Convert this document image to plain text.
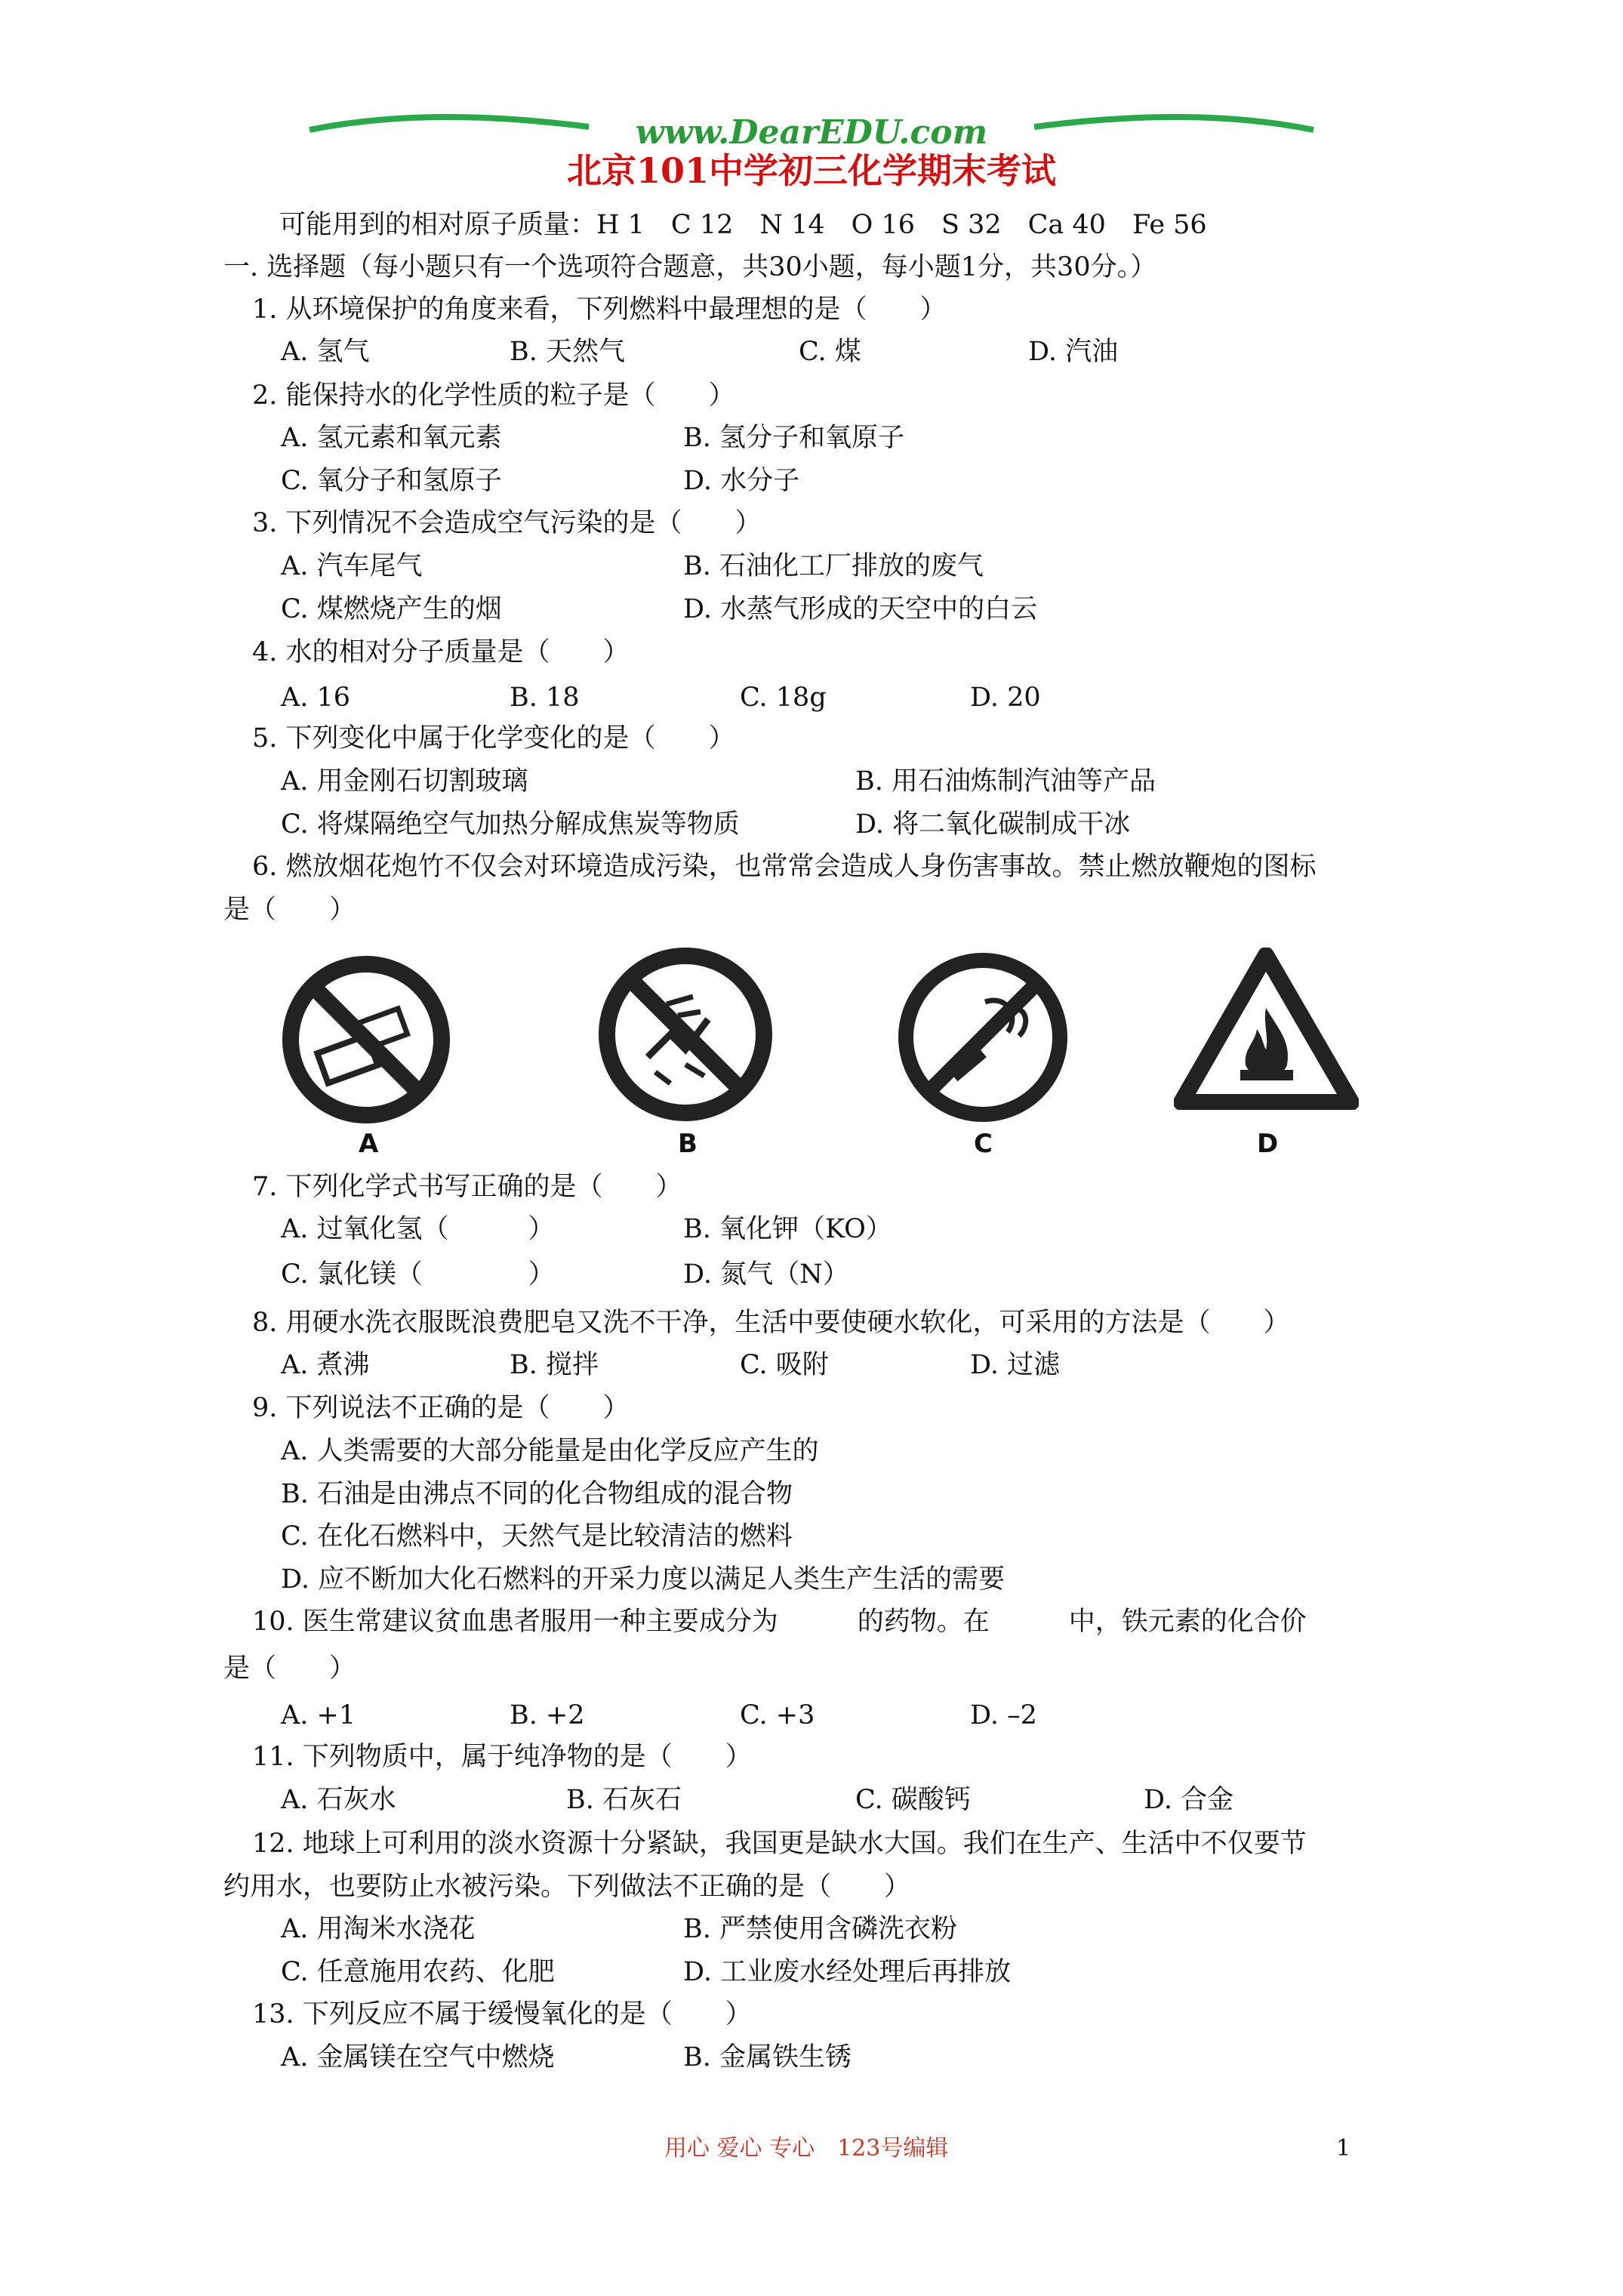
www.DearEDU.com
北京101中学初三化学期末考试
可能用到的相对原子质量：H 1　C 12　N 14　O 16　S 32　Ca 40　Fe 56
一. 选择题（每小题只有一个选项符合题意，共30小题，每小题1分，共30分。）
1. 从环境保护的角度来看，下列燃料中最理想的是（　　）
A. 氢气	B. 天然气	C. 煤	D. 汽油
2. 能保持水的化学性质的粒子是（　　）
A. 氢元素和氧元素	B. 氢分子和氧原子
C. 氧分子和氢原子	D. 水分子
3. 下列情况不会造成空气污染的是（　　）
A. 汽车尾气	B. 石油化工厂排放的废气
C. 煤燃烧产生的烟	D. 水蒸气形成的天空中的白云
4. 水的相对分子质量是（　　）
A. 16	B. 18	C. 18g	D. 20
5. 下列变化中属于化学变化的是（　　）
A. 用金刚石切割玻璃	B. 用石油炼制汽油等产品
C. 将煤隔绝空气加热分解成焦炭等物质	D. 将二氧化碳制成干冰
6. 燃放烟花炮竹不仅会对环境造成污染，也常常会造成人身伤害事故。禁止燃放鞭炮的图标
是（　　）
A	B	C	D
7. 下列化学式书写正确的是（　　）
A. 过氧化氢（　　　）	B. 氧化钾（KO）
C. 氯化镁（　　　　）	D. 氮气（N）
8. 用硬水洗衣服既浪费肥皂又洗不干净，生活中要使硬水软化，可采用的方法是（　　）
A. 煮沸	B. 搅拌	C. 吸附	D. 过滤
9. 下列说法不正确的是（　　）
A. 人类需要的大部分能量是由化学反应产生的
B. 石油是由沸点不同的化合物组成的混合物
C. 在化石燃料中，天然气是比较清洁的燃料
D. 应不断加大化石燃料的开采力度以满足人类生产生活的需要
10. 医生常建议贫血患者服用一种主要成分为　　　的药物。在　　　中，铁元素的化合价
是（　　）
A. +1	B. +2	C. +3	D. –2
11. 下列物质中，属于纯净物的是（　　）
A. 石灰水	B. 石灰石	C. 碳酸钙	D. 合金
12. 地球上可利用的淡水资源十分紧缺，我国更是缺水大国。我们在生产、生活中不仅要节
约用水，也要防止水被污染。下列做法不正确的是（　　）
A. 用淘米水浇花	B. 严禁使用含磷洗衣粉
C. 任意施用农药、化肥	D. 工业废水经处理后再排放
13. 下列反应不属于缓慢氧化的是（　　）
A. 金属镁在空气中燃烧	B. 金属铁生锈
用心 爱心 专心　123号编辑	1
